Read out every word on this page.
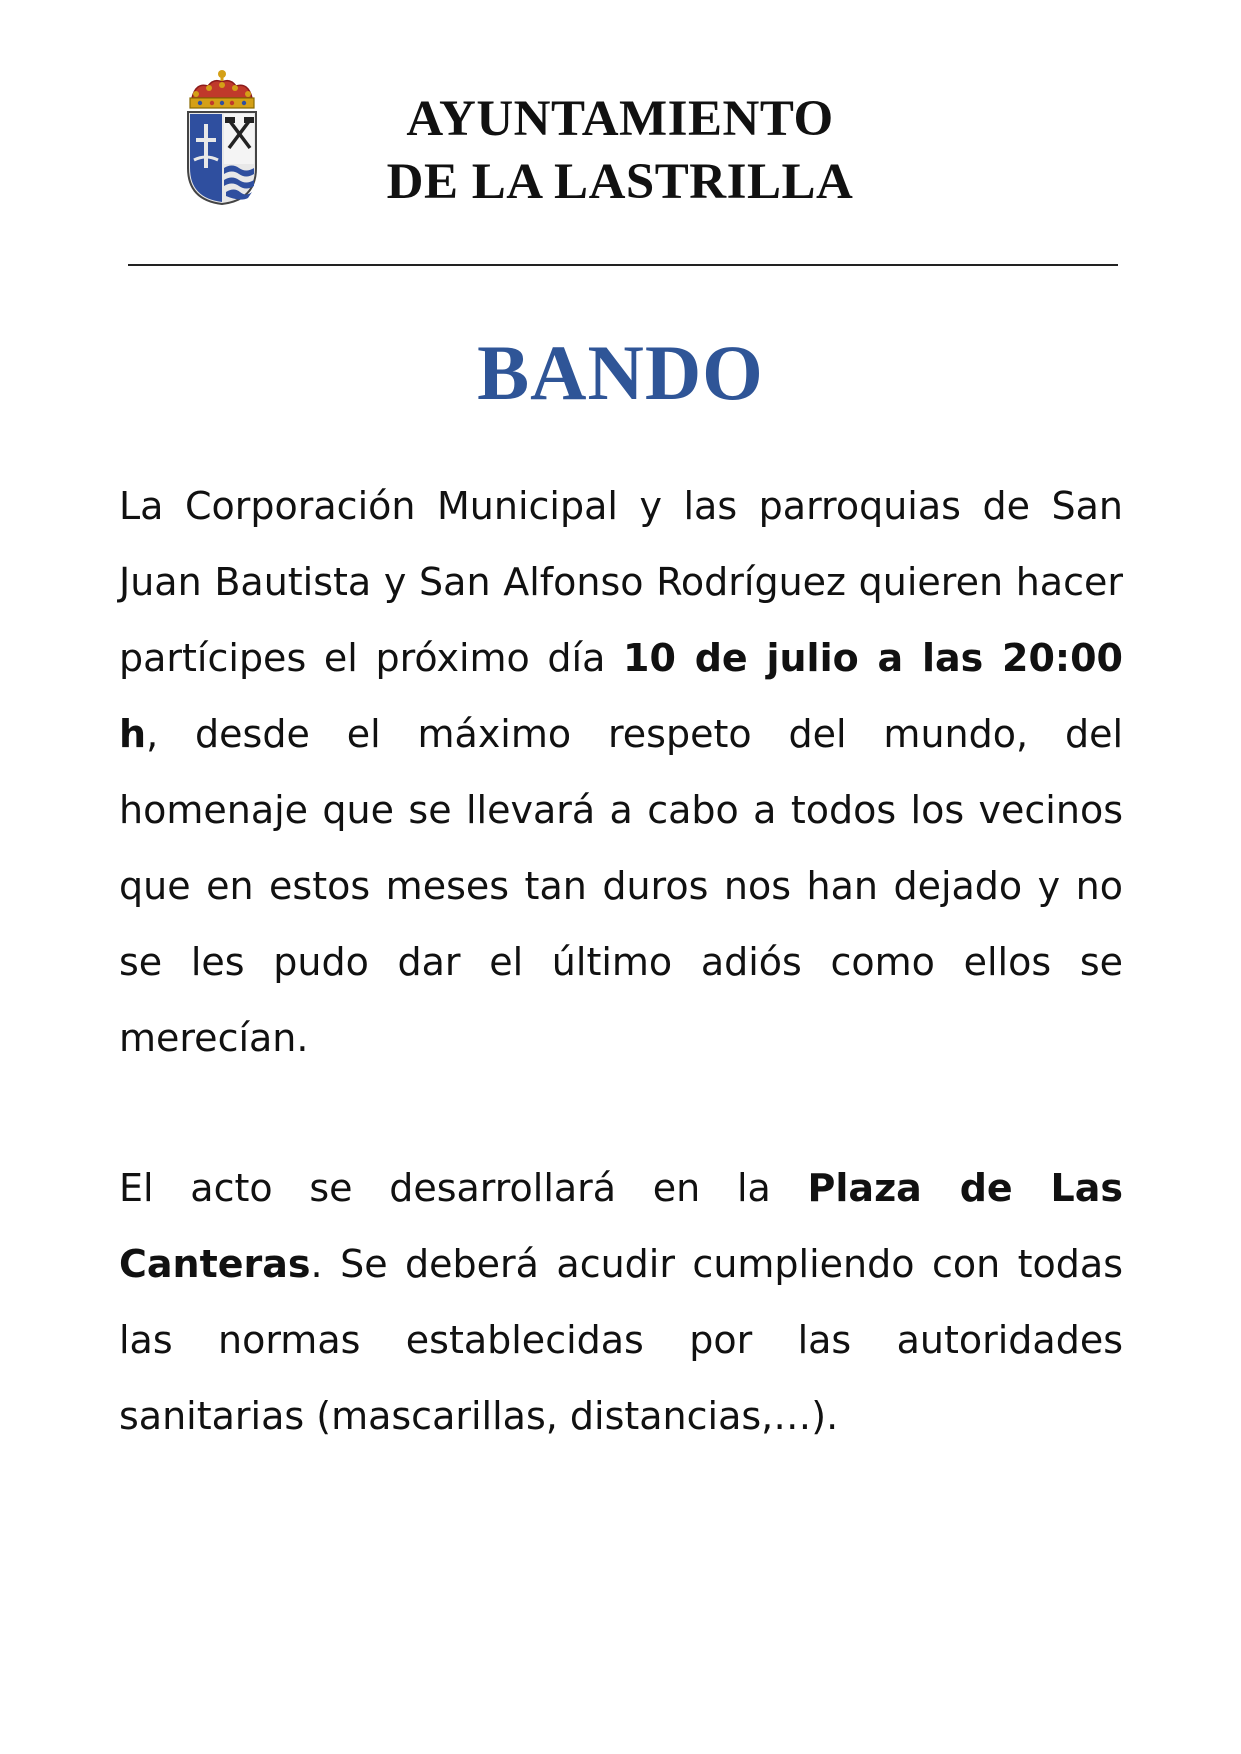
AYUNTAMIENTO
DE LA LASTRILLA
BANDO

La Corporación Municipal y las parroquias de San Juan Bautista y San Alfonso Rodríguez quieren hacer partícipes el próximo día 10 de julio a las 20:00 h, desde el máximo respeto del mundo, del homenaje que se llevará a cabo a todos los vecinos que en estos meses tan duros nos han dejado y no se les pudo dar el último adiós como ellos se merecían.

El acto se desarrollará en la Plaza de Las Canteras. Se deberá acudir cumpliendo con todas las normas establecidas por las autoridades sanitarias (mascarillas, distancias,…).
